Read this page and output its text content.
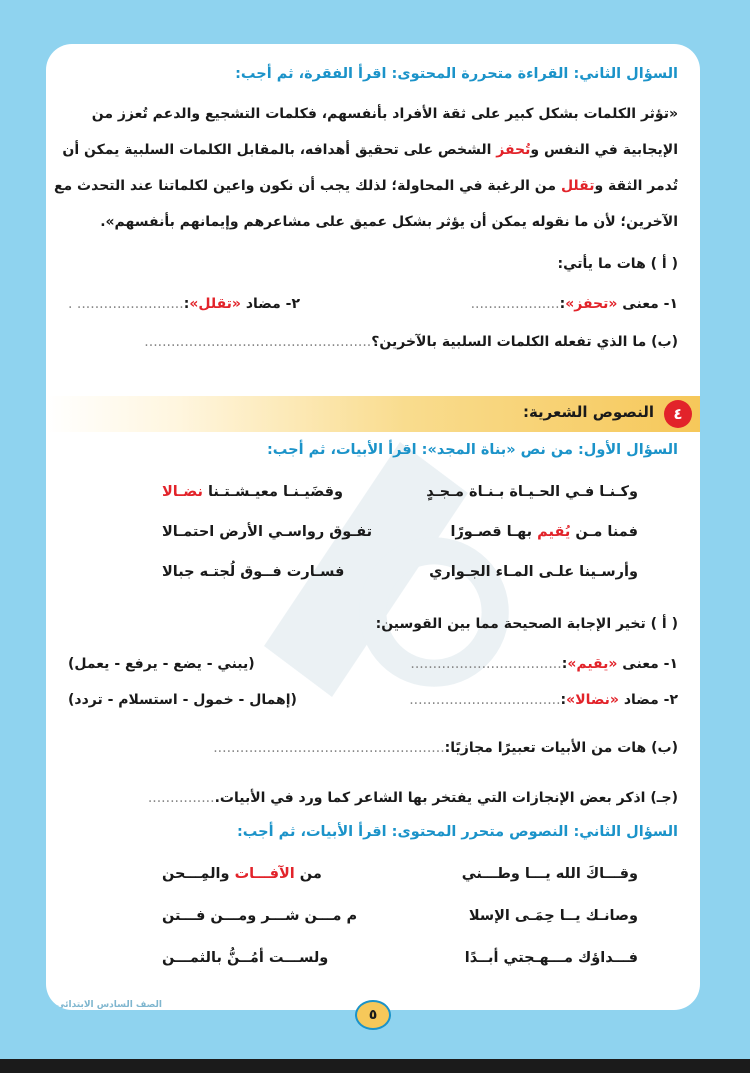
السؤال الثاني: القراءة متحررة المحتوى: اقرأ الفقرة، ثم أجب:
«تؤثر الكلمات بشكل كبير على ثقة الأفراد بأنفسهم، فكلمات التشجيع والدعم تُعزز من
الإيجابية في النفس وتُحفز الشخص على تحقيق أهدافه، بالمقابل الكلمات السلبية يمكن أن
تُدمر الثقة وتقلل من الرغبة في المحاولة؛ لذلك يجب أن نكون واعين لكلماتنا عند التحدث مع
الآخرين؛ لأن ما نقوله يمكن أن يؤثر بشكل عميق على مشاعرهم وإيمانهم بأنفسهم».
( أ ) هات ما يأتي:
١- معنى «تحفز»:....................
٢- مضاد «تقلل»:........................ .
(ب) ما الذي تفعله الكلمات السلبية بالآخرين؟...................................................
٤
النصوص الشعرية:
السؤال الأول: من نص «بناة المجد»: اقرأ الأبيات، ثم أجب:
وكـنـا فـي الحـيـاة بـنـاة مـجـدٍ
وقضَيـنـا معيـشـتـنا نضـالا
فمنا مـن يُقيم بهـا قصـورًا
تفـوق رواسـي الأرض احتمـالا
وأرسـينا علـى المـاء الجـواري
فسـارت فــوق لُجتـه جبالا
( أ ) تخير الإجابة الصحيحة مما بين القوسين:
١- معنى «يقيم»:..................................
(يبني - يضع - يرفع - يعمل)
٢- مضاد «نضالا»:..................................
(إهمال - خمول - استسلام - تردد)
(ب) هات من الأبيات تعبيرًا مجازيًا:....................................................
(جـ) اذكر بعض الإنجازات التي يفتخر بها الشاعر كما ورد في الأبيات................
السؤال الثاني: النصوص متحرر المحتوى: اقرأ الأبيات، ثم أجب:
وقـــاكَ الله يـــا وطـــني
من الآفـــات والمِـــحن
وصانـك يــا حِمَـى الإسلا
م مـــن شـــر ومـــن فـــتن
فـــداؤك مـــهـجتي أبــدًا
ولســـت أمُــنُّ بالثمـــن
الصف السادس الابتدائي
٥
